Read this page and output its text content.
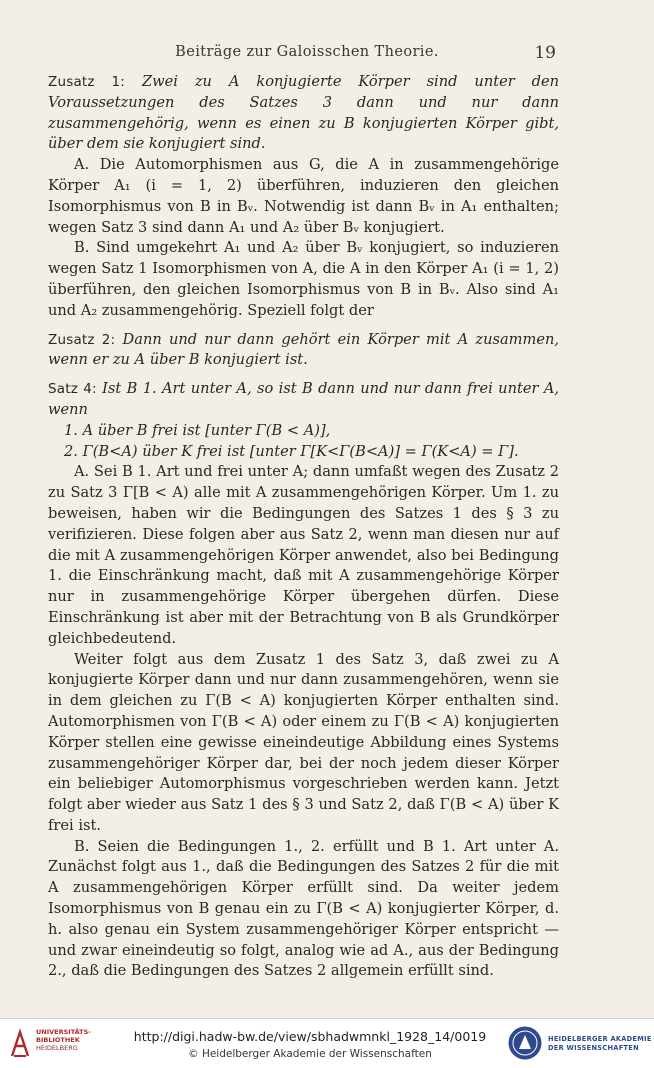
Beiträge zur Galoisschen Theorie.	19

Zusatz 1: Zwei zu A konjugierte Körper sind unter den Voraussetzungen des Satzes 3 dann und nur dann zusammengehörig, wenn es einen zu B konjugierten Körper gibt, über dem sie konjugiert sind.

A. Die Automorphismen aus G, die A in zusammengehörige Körper A₁ (i = 1, 2) überführen, induzieren den gleichen Isomorphismus von B in Bᵥ. Notwendig ist dann Bᵥ in A₁ enthalten; wegen Satz 3 sind dann A₁ und A₂ über Bᵥ konjugiert.

B. Sind umgekehrt A₁ und A₂ über Bᵥ konjugiert, so induzieren wegen Satz 1 Isomorphismen von A, die A in den Körper A₁ (i = 1, 2) überführen, den gleichen Isomorphismus von B in Bᵥ. Also sind A₁ und A₂ zusammengehörig. Speziell folgt der

Zusatz 2: Dann und nur dann gehört ein Körper mit A zusammen, wenn er zu A über B konjugiert ist.

Satz 4: Ist B 1. Art unter A, so ist B dann und nur dann frei unter A, wenn

1. A über B frei ist [unter Γ(B < A)],

2. Γ(B<A) über K frei ist [unter Γ[K<Γ(B<A)] = Γ(K<A) = Γ].

A. Sei B 1. Art und frei unter A; dann umfaßt wegen des Zusatz 2 zu Satz 3 Γ[B < A) alle mit A zusammengehörigen Körper. Um 1. zu beweisen, haben wir die Bedingungen des Satzes 1 des § 3 zu verifizieren. Diese folgen aber aus Satz 2, wenn man diesen nur auf die mit A zusammengehörigen Körper anwendet, also bei Bedingung 1. die Einschränkung macht, daß mit A zusammengehörige Körper nur in zusammengehörige Körper übergehen dürfen. Diese Einschränkung ist aber mit der Betrachtung von B als Grundkörper gleichbedeutend.

Weiter folgt aus dem Zusatz 1 des Satz 3, daß zwei zu A konjugierte Körper dann und nur dann zusammengehören, wenn sie in dem gleichen zu Γ(B < A) konjugierten Körper enthalten sind. Automorphismen von Γ(B < A) oder einem zu Γ(B < A) konjugierten Körper stellen eine gewisse eineindeutige Abbildung eines Systems zusammengehöriger Körper dar, bei der noch jedem dieser Körper ein beliebiger Automorphismus vorgeschrieben werden kann. Jetzt folgt aber wieder aus Satz 1 des § 3 und Satz 2, daß Γ(B < A) über K frei ist.

B. Seien die Bedingungen 1., 2. erfüllt und B 1. Art unter A. Zunächst folgt aus 1., daß die Bedingungen des Satzes 2 für die mit A zusammengehörigen Körper erfüllt sind. Da weiter jedem Isomorphismus von B genau ein zu Γ(B < A) konjugierter Körper, d. h. also genau ein System zusammengehöriger Körper entspricht — und zwar eineindeutig so folgt, analog wie ad A., aus der Bedingung 2., daß die Bedingungen des Satzes 2 allgemein erfüllt sind.

UNIVERSITÄTS-
BIBLIOTHEK
HEIDELBERG
http://digi.hadw-bw.de/view/sbhadwmnkl_1928_14/0019
© Heidelberger Akademie der Wissenschaften
HEIDELBERGER AKADEMIE
DER WISSENSCHAFTEN
